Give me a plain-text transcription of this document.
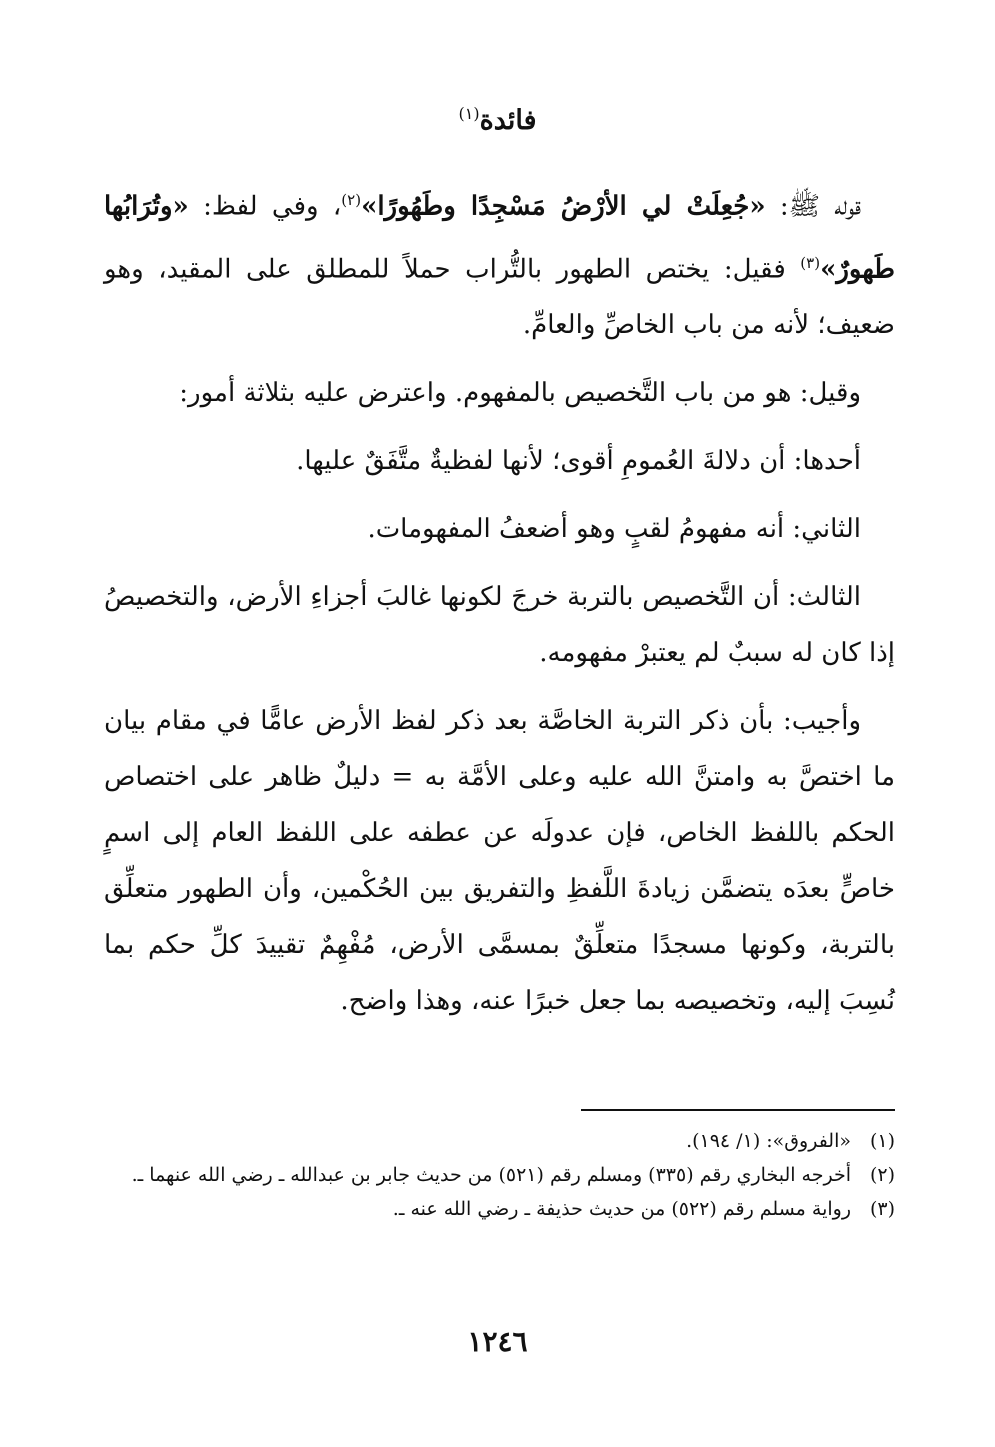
فائدة$^{(١)}$

قوله ﷺ: «جُعِلَتْ لي الأرْضُ مَسْجِدًا وطَهُورًا»$^{(٢)}$، وفي لفظ: «وتُرَابُها طَهورٌ»$^{(٣)}$ فقيل: يختص الطهور بالتُّراب حملاً للمطلق على المقيد، وهو ضعيف؛ لأنه من باب الخاصِّ والعامِّ.

وقيل: هو من باب التَّخصيص بالمفهوم. واعترض عليه بثلاثة أمور:

أحدها: أن دلالةَ العُمومِ أقوى؛ لأنها لفظيةٌ متَّفَقٌ عليها.

الثاني: أنه مفهومُ لقبٍ وهو أضعفُ المفهومات.

الثالث: أن التَّخصيص بالتربة خرجَ لكونها غالبَ أجزاءِ الأرض، والتخصيصُ إذا كان له سببٌ لم يعتبرْ مفهومه.

وأجيب: بأن ذكر التربة الخاصَّة بعد ذكر لفظ الأرض عامًّا في مقام بيان ما اختصَّ به وامتنَّ الله عليه وعلى الأمَّة به = دليلٌ ظاهر على اختصاص الحكم باللفظ الخاص، فإن عدولَه عن عطفه على اللفظ العام إلى اسمٍ خاصٍّ بعدَه يتضمَّن زيادةَ اللَّفظِ والتفريق بين الحُكْمين، وأن الطهور متعلِّق بالتربة، وكونها مسجدًا متعلِّقٌ بمسمَّى الأرض، مُفْهِمٌ تقييدَ كلِّ حكم بما نُسِبَ إليه، وتخصيصه بما جعل خبرًا عنه، وهذا واضح.

(١)
«الفروق»: (١/ ١٩٤).
(٢)
أخرجه البخاري رقم (٣٣٥) ومسلم رقم (٥٢١) من حديث جابر بن عبدالله ـ رضي الله عنهما ـ.
(٣)
رواية مسلم رقم (٥٢٢) من حديث حذيفة ـ رضي الله عنه ـ.
١٢٤٦
